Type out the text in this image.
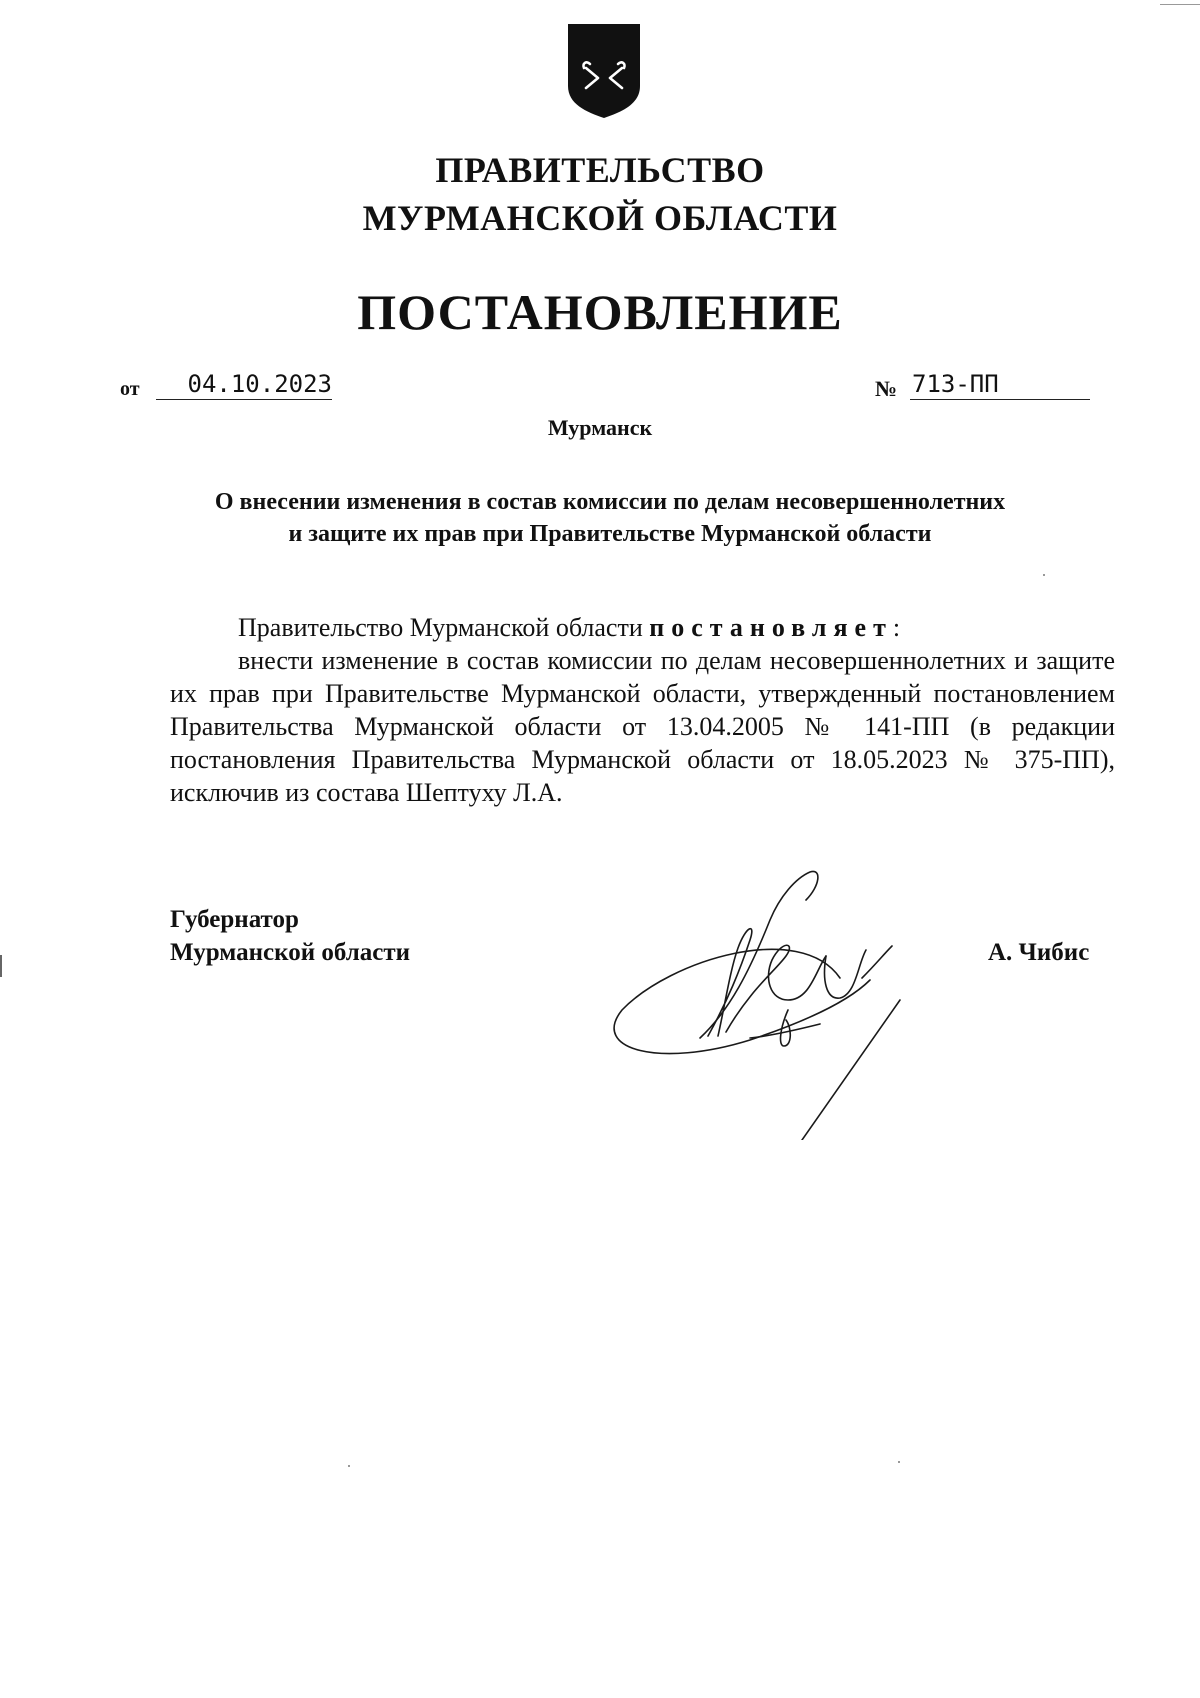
ПРАВИТЕЛЬСТВО
МУРМАНСКОЙ ОБЛАСТИ
ПОСТАНОВЛЕНИЕ
от	04.10.2023	№ 713-ПП
Мурманск
О внесении изменения в состав комиссии по делам несовершеннолетних
и защите их прав при Правительстве Мурманской области
Правительство Мурманской области постановляет:
внести изменение в состав комиссии по делам несовершеннолетних и защите их прав при Правительстве Мурманской области, утвержденный постановлением Правительства Мурманской области от 13.04.2005 № 141-ПП (в редакции постановления Правительства Мурманской области от 18.05.2023 № 375-ПП), исключив из состава Шептуху Л.А.
Губернатор
Мурманской области	А. Чибис
